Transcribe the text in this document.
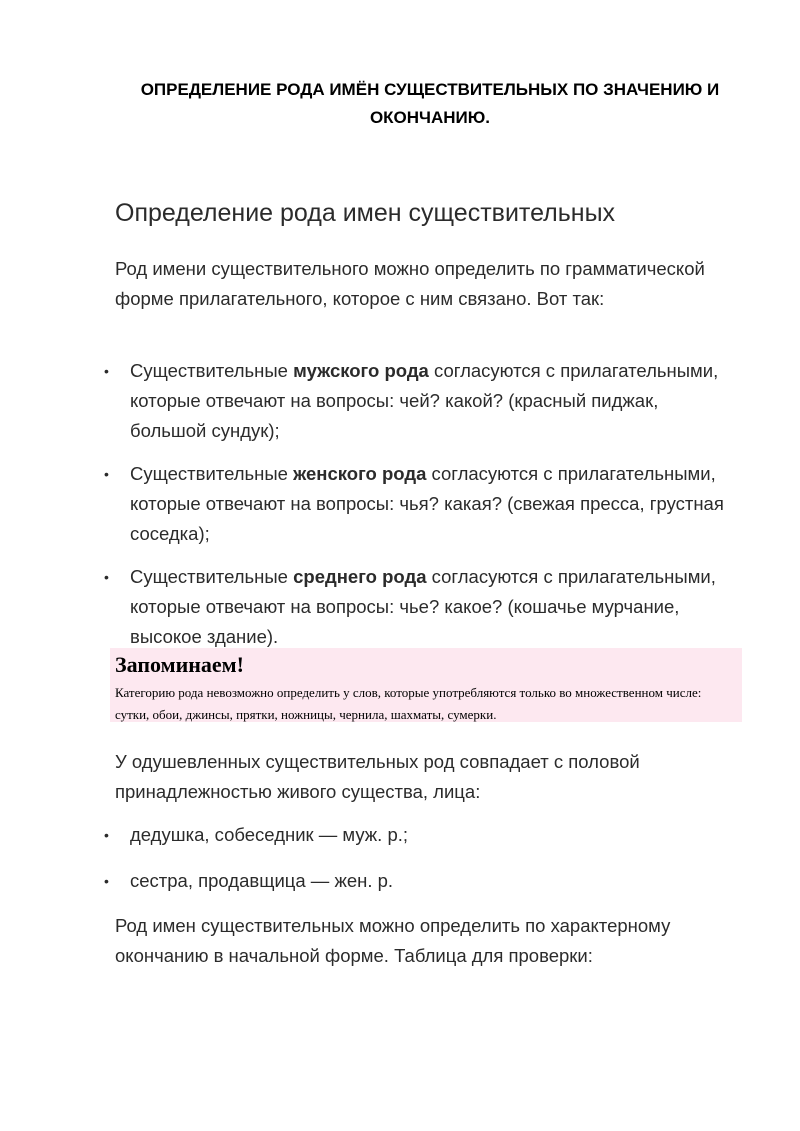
ОПРЕДЕЛЕНИЕ РОДА ИМЁН СУЩЕСТВИТЕЛЬНЫХ ПО ЗНАЧЕНИЮ И ОКОНЧАНИЮ.
Определение рода имен существительных

Род имени существительного можно определить по грамматической форме прилагательного, которое с ним связано. Вот так:

• Существительные мужского рода согласуются с прилагательными, которые отвечают на вопросы: чей? какой? (красный пиджак, большой сундук);
• Существительные женского рода согласуются с прилагательными, которые отвечают на вопросы: чья? какая? (свежая пресса, грустная соседка);
• Существительные среднего рода согласуются с прилагательными, которые отвечают на вопросы: чье? какое? (кошачье мурчание, высокое здание).

Запоминаем!

Категорию рода невозможно определить у слов, которые употребляются только во множественном числе: сутки, обои, джинсы, прятки, ножницы, чернила, шахматы, сумерки.

У одушевленных существительных род совпадает с половой принадлежностью живого существа, лица:

• дедушка, собеседник — муж. р.;
• сестра, продавщица — жен. р.

Род имен существительных можно определить по характерному окончанию в начальной форме. Таблица для проверки:
